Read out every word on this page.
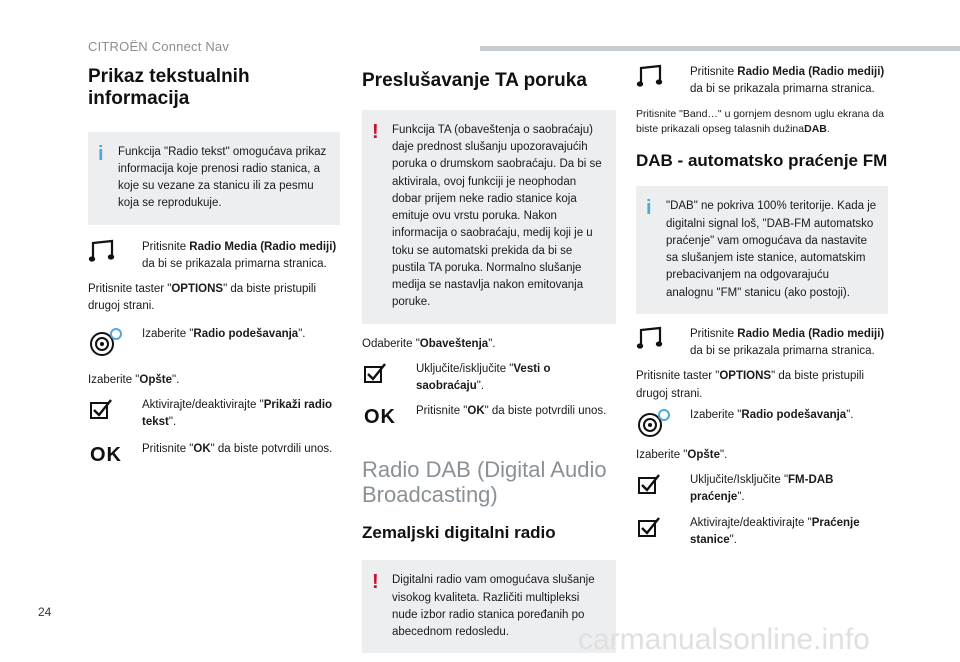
CITROËN Connect Nav
Prikaz tekstualnih informacija
i Funkcija "Radio tekst" omogućava prikaz informacija koje prenosi radio stanica, a koje su vezane za stanicu ili za pesmu koja se reprodukuje.
Pritisnite Radio Media (Radio mediji) da bi se prikazala primarna stranica.

Pritisnite taster "OPTIONS" da biste pristupili drugoj strani.

Izaberite "Radio podešavanja".

Izaberite "Opšte".

Aktivirajte/deaktivirajte "Prikaži radio tekst".
OK Pritisnite "OK" da biste potvrdili unos.
Preslušavanje TA poruka
! Funkcija TA (obaveštenja o saobraćaju) daje prednost slušanju upozoravajućih poruka o drumskom saobraćaju. Da bi se aktivirala, ovoj funkciji je neophodan dobar prijem neke radio stanice koja emituje ovu vrstu poruka. Nakon informacija o saobraćaju, medij koji je u toku se automatski prekida da bi se pustila TA poruka. Normalno slušanje medija se nastavlja nakon emitovanja poruke.

Odaberite "Obaveštenja".

Uključite/isključite "Vesti o saobraćaju".
OK Pritisnite "OK" da biste potvrdili unos.
Radio DAB (Digital Audio Broadcasting)
Zemaljski digitalni radio
! Digitalni radio vam omogućava slušanje visokog kvaliteta. Različiti multipleksi nude izbor radio stanica poređanih po abecednom redosledu.
Pritisnite Radio Media (Radio mediji) da bi se prikazala primarna stranica.

Pritisnite "Band…" u gornjem desnom uglu ekrana da biste prikazali opseg talasnih dužinaDAB.

DAB - automatsko praćenje FM
i "DAB" ne pokriva 100% teritorije. Kada je digitalni signal loš, "DAB-FM automatsko praćenje" vam omogućava da nastavite sa slušanjem iste stanice, automatskim prebacivanjem na odgovarajuću analognu "FM" stanicu (ako postoji).
Pritisnite Radio Media (Radio mediji) da bi se prikazala primarna stranica.

Pritisnite taster "OPTIONS" da biste pristupili drugoj strani.

Izaberite "Radio podešavanja".

Izaberite "Opšte".

Uključite/Isključite "FM-DAB praćenje".
Aktivirajte/deaktivirajte "Praćenje stanice".
24
carmanualsonline.info
